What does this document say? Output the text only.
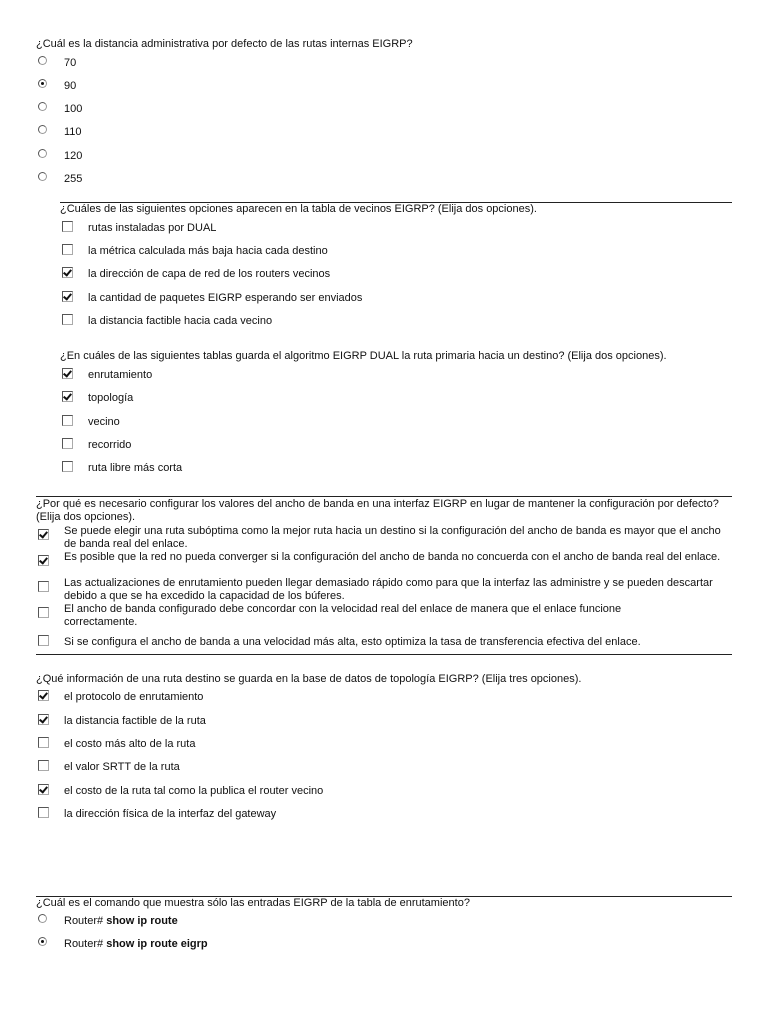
¿Cuál es la distancia administrativa por defecto de las rutas internas EIGRP?
70
90
100
110
120
255
¿Cuáles de las siguientes opciones aparecen en la tabla de vecinos EIGRP? (Elija dos opciones).
rutas instaladas por DUAL
la métrica calculada más baja hacia cada destino
la dirección de capa de red de los routers vecinos
la cantidad de paquetes EIGRP esperando ser enviados
la distancia factible hacia cada vecino
¿En cuáles de las siguientes tablas guarda el algoritmo EIGRP DUAL la ruta primaria hacia un destino? (Elija dos opciones).
enrutamiento
topología
vecino
recorrido
ruta libre más corta
¿Por qué es necesario configurar los valores del ancho de banda en una interfaz EIGRP en lugar de mantener la configuración por defecto? (Elija dos opciones).
Se puede elegir una ruta subóptima como la mejor ruta hacia un destino si la configuración del ancho de banda es mayor que el ancho de banda real del enlace.
Es posible que la red no pueda converger si la configuración del ancho de banda no concuerda con el ancho de banda real del enlace.
Las actualizaciones de enrutamiento pueden llegar demasiado rápido como para que la interfaz las administre y se pueden descartar debido a que se ha excedido la capacidad de los búferes.
El ancho de banda configurado debe concordar con la velocidad real del enlace de manera que el enlace funcione correctamente.
Si se configura el ancho de banda a una velocidad más alta, esto optimiza la tasa de transferencia efectiva del enlace.
¿Qué información de una ruta destino se guarda en la base de datos de topología EIGRP? (Elija tres opciones).
el protocolo de enrutamiento
la distancia factible de la ruta
el costo más alto de la ruta
el valor SRTT de la ruta
el costo de la ruta tal como la publica el router vecino
la dirección física de la interfaz del gateway
¿Cuál es el comando que muestra sólo las entradas EIGRP de la tabla de enrutamiento?
Router# show ip route
Router# show ip route eigrp
